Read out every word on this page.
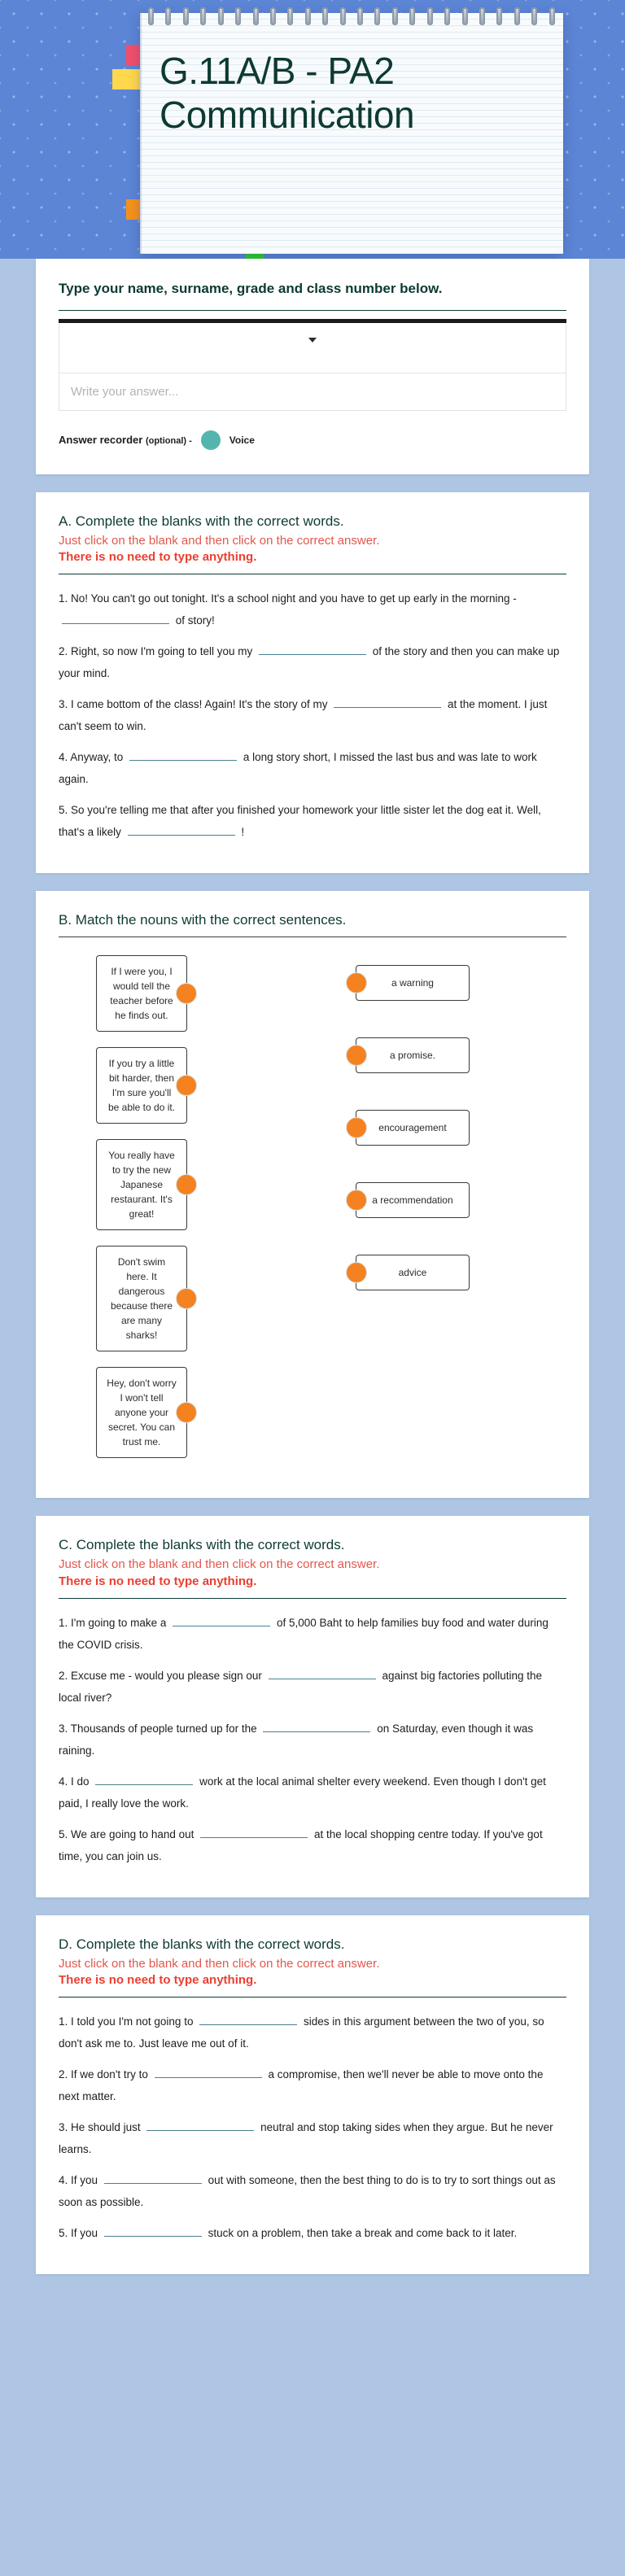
G.11A/B - PA2
Communication
Type your name, surname, grade and class number below.
Write your answer...
Answer recorder (optional) -	Voice
A. Complete the blanks with the correct words.
Just click on the blank and then click on the correct answer.
There is no need to type anything.
1. No! You can't go out tonight. It's a school night and you have to get up early in the morning -  of story!
2. Right, so now I'm going to tell you my	of the story and then you can make up your mind.
3. I came bottom of the class! Again! It's the story of my	at the moment. I just can't seem to win.
4. Anyway, to	a long story short, I missed the last bus and was late to work again.
5. So you're telling me that after you finished your homework your little sister let the dog eat it. Well, that's a likely	!
B. Match the nouns with the correct sentences.
If I were you, I would tell the teacher before he finds out.
If you try a little bit harder, then I'm sure you'll be able to do it.
You really have to try the new Japanese restaurant. It's great!
Don't swim here. It dangerous because there are many sharks!
Hey, don't worry I won't tell anyone your secret. You can trust me.
a warning
a promise.
encouragement
a recommendation
advice
C. Complete the blanks with the correct words.
Just click on the blank and then click on the correct answer.
There is no need to type anything.
1. I'm going to make a	of 5,000 Baht to help families buy food and water during the COVID crisis.
2. Excuse me - would you please sign our	against big factories polluting the local river?
3. Thousands of people turned up for the	on Saturday, even though it was raining.
4. I do	work at the local animal shelter every weekend. Even though I don't get paid, I really love the work.
5. We are going to hand out	at the local shopping centre today. If you've got time, you can join us.
D. Complete the blanks with the correct words.
Just click on the blank and then click on the correct answer.
There is no need to type anything.
1. I told you I'm not going to	sides in this argument between the two of you, so don't ask me to. Just leave me out of it.
2. If we don't try to	a compromise, then we'll never be able to move onto the next matter.
3. He should just	neutral and stop taking sides when they argue. But he never learns.
4. If you	out with someone, then the best thing to do is to try to sort things out as soon as possible.
5. If you	stuck on a problem, then take a break and come back to it later.
